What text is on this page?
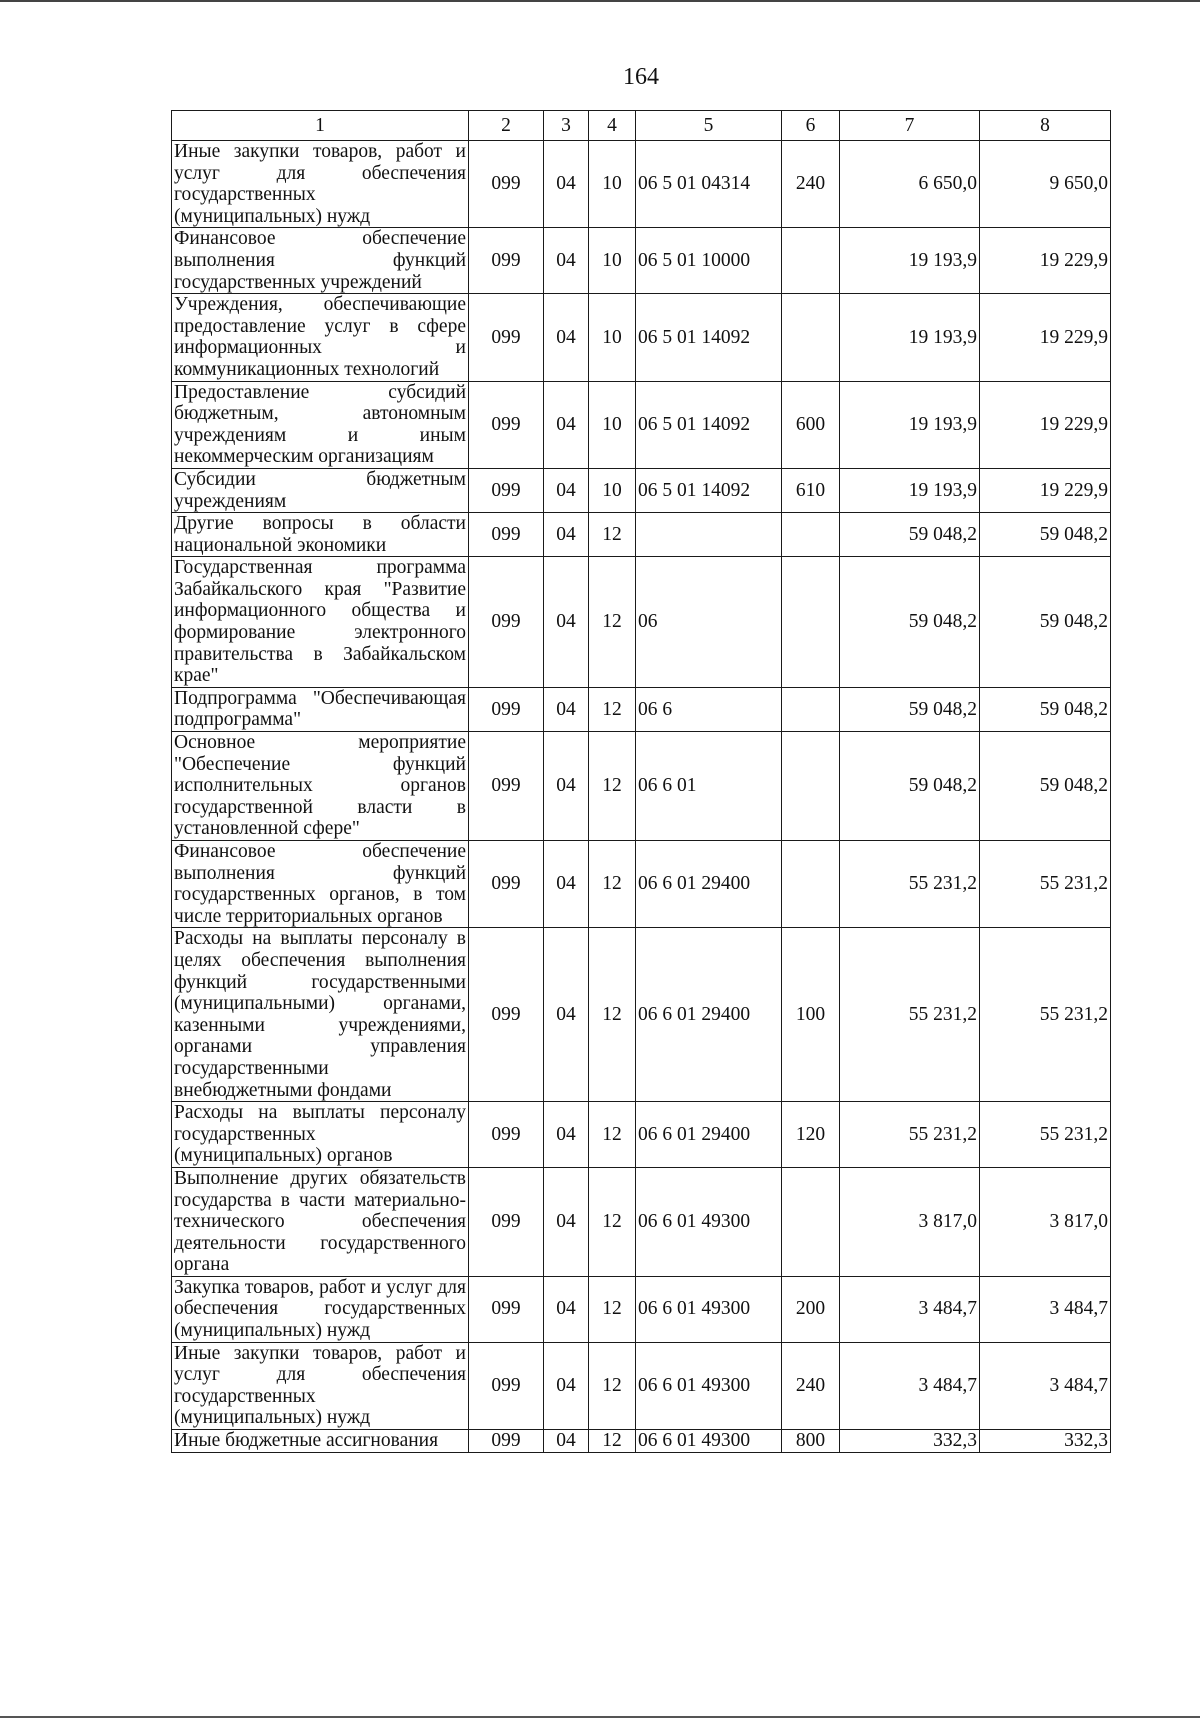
164
1	2	3	4	5	6	7	8
Иные закупки товаров, работ и услуг для обеспечения государственных (муниципальных) нужд	099	04	10	06 5 01 04314	240	6 650,0	9 650,0
Финансовое обеспечение выполнения функций государственных учреждений	099	04	10	06 5 01 10000		19 193,9	19 229,9
Учреждения, обеспечивающие предоставление услуг в сфере информационных и коммуникационных технологий	099	04	10	06 5 01 14092		19 193,9	19 229,9
Предоставление субсидий бюджетным, автономным учреждениям и иным некоммерческим организациям	099	04	10	06 5 01 14092	600	19 193,9	19 229,9
Субсидии бюджетным учреждениям	099	04	10	06 5 01 14092	610	19 193,9	19 229,9
Другие вопросы в области национальной экономики	099	04	12			59 048,2	59 048,2
Государственная программа Забайкальского края "Развитие информационного общества и формирование электронного правительства в Забайкальском крае"	099	04	12	06		59 048,2	59 048,2
Подпрограмма "Обеспечивающая подпрограмма"	099	04	12	06 6		59 048,2	59 048,2
Основное мероприятие "Обеспечение функций исполнительных органов государственной власти в установленной сфере"	099	04	12	06 6 01		59 048,2	59 048,2
Финансовое обеспечение выполнения функций государственных органов, в том числе территориальных органов	099	04	12	06 6 01 29400		55 231,2	55 231,2
Расходы на выплаты персоналу в целях обеспечения выполнения функций государственными (муниципальными) органами, казенными учреждениями, органами управления государственными внебюджетными фондами	099	04	12	06 6 01 29400	100	55 231,2	55 231,2
Расходы на выплаты персоналу государственных (муниципальных) органов	099	04	12	06 6 01 29400	120	55 231,2	55 231,2
Выполнение других обязательств государства в части материально-технического обеспечения деятельности государственного органа	099	04	12	06 6 01 49300		3 817,0	3 817,0
Закупка товаров, работ и услуг для обеспечения государственных (муниципальных) нужд	099	04	12	06 6 01 49300	200	3 484,7	3 484,7
Иные закупки товаров, работ и услуг для обеспечения государственных (муниципальных) нужд	099	04	12	06 6 01 49300	240	3 484,7	3 484,7
Иные бюджетные ассигнования	099	04	12	06 6 01 49300	800	332,3	332,3
